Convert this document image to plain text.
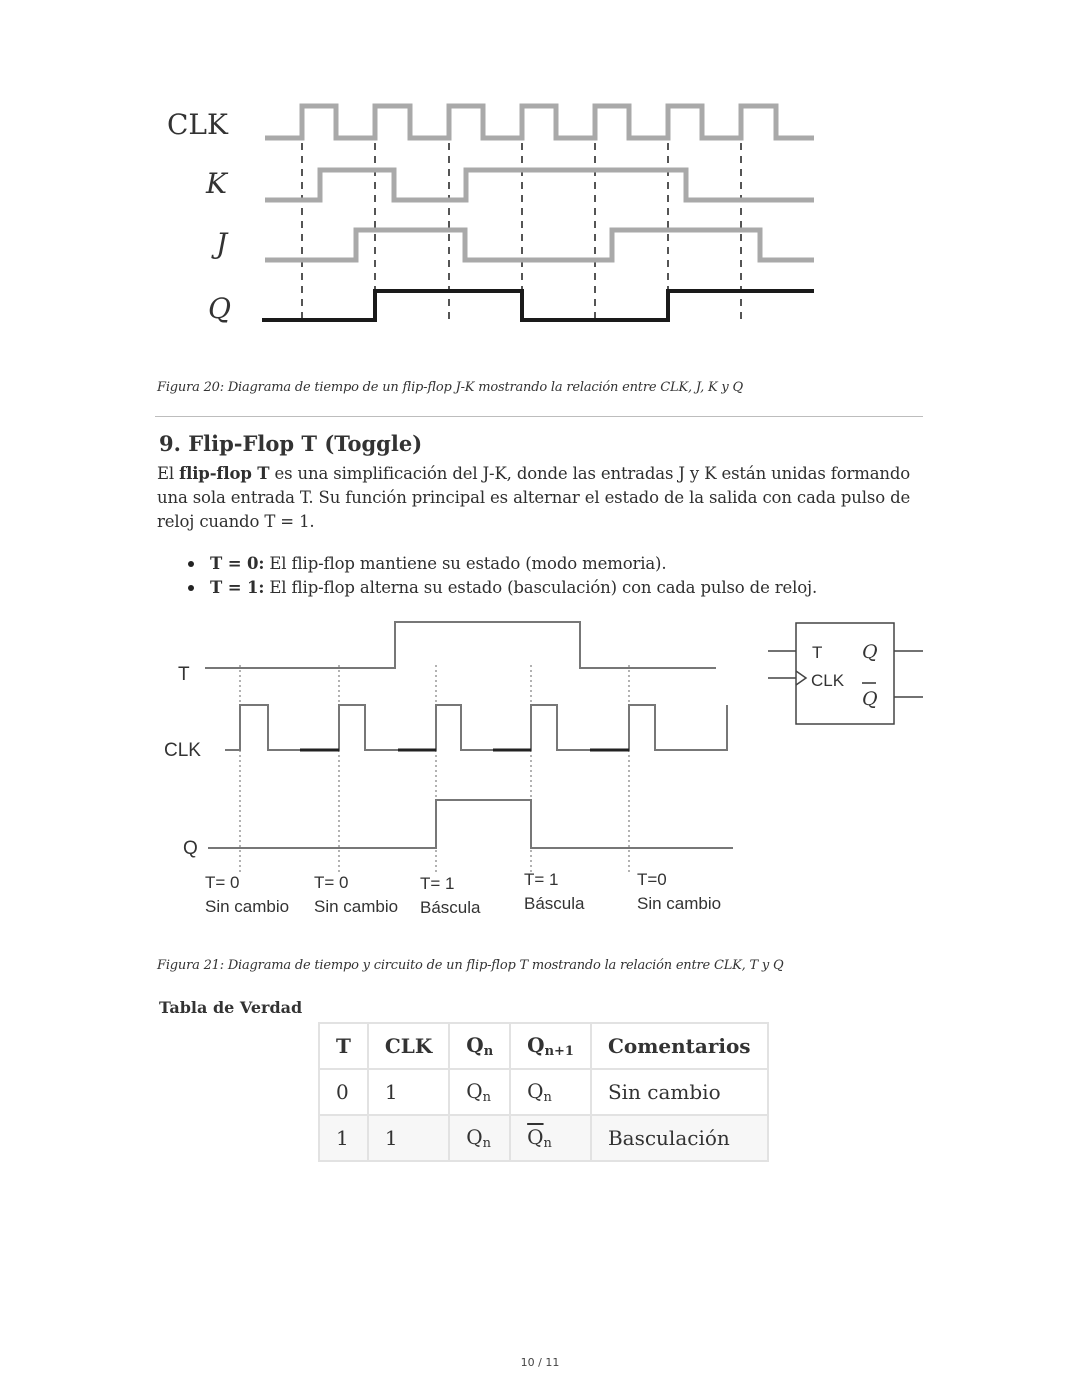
CLK
K
J
Q
Figura 20: Diagrama de tiempo de un flip-flop J-K mostrando la relación entre CLK, J, K y Q
9. Flip-Flop T (Toggle)
El flip-flop T es una simplificación del J-K, donde las entradas J y K están unidas formando una sola entrada T. Su función principal es alternar el estado de la salida con cada pulso de reloj cuando T = 1.
T = 0: El flip-flop mantiene su estado (modo memoria).
T = 1: El flip-flop alterna su estado (basculación) con cada pulso de reloj.
T
CLK
Q
T= 0
Sin cambio
T= 0
Sin cambio
T= 1
Báscula
T= 1
Báscula
T=0
Sin cambio
T
CLK
Q
Q
Figura 21: Diagrama de tiempo y circuito de un flip-flop T mostrando la relación entre CLK, T y Q
Tabla de Verdad
T	CLK	$Q_n$	$Q_{n+1}$	Comentarios
0	1	$Q_n$	$Q_n$	Sin cambio
1	1	$Q_n$	$\overline{Q}_n$	Basculación
10 / 11
